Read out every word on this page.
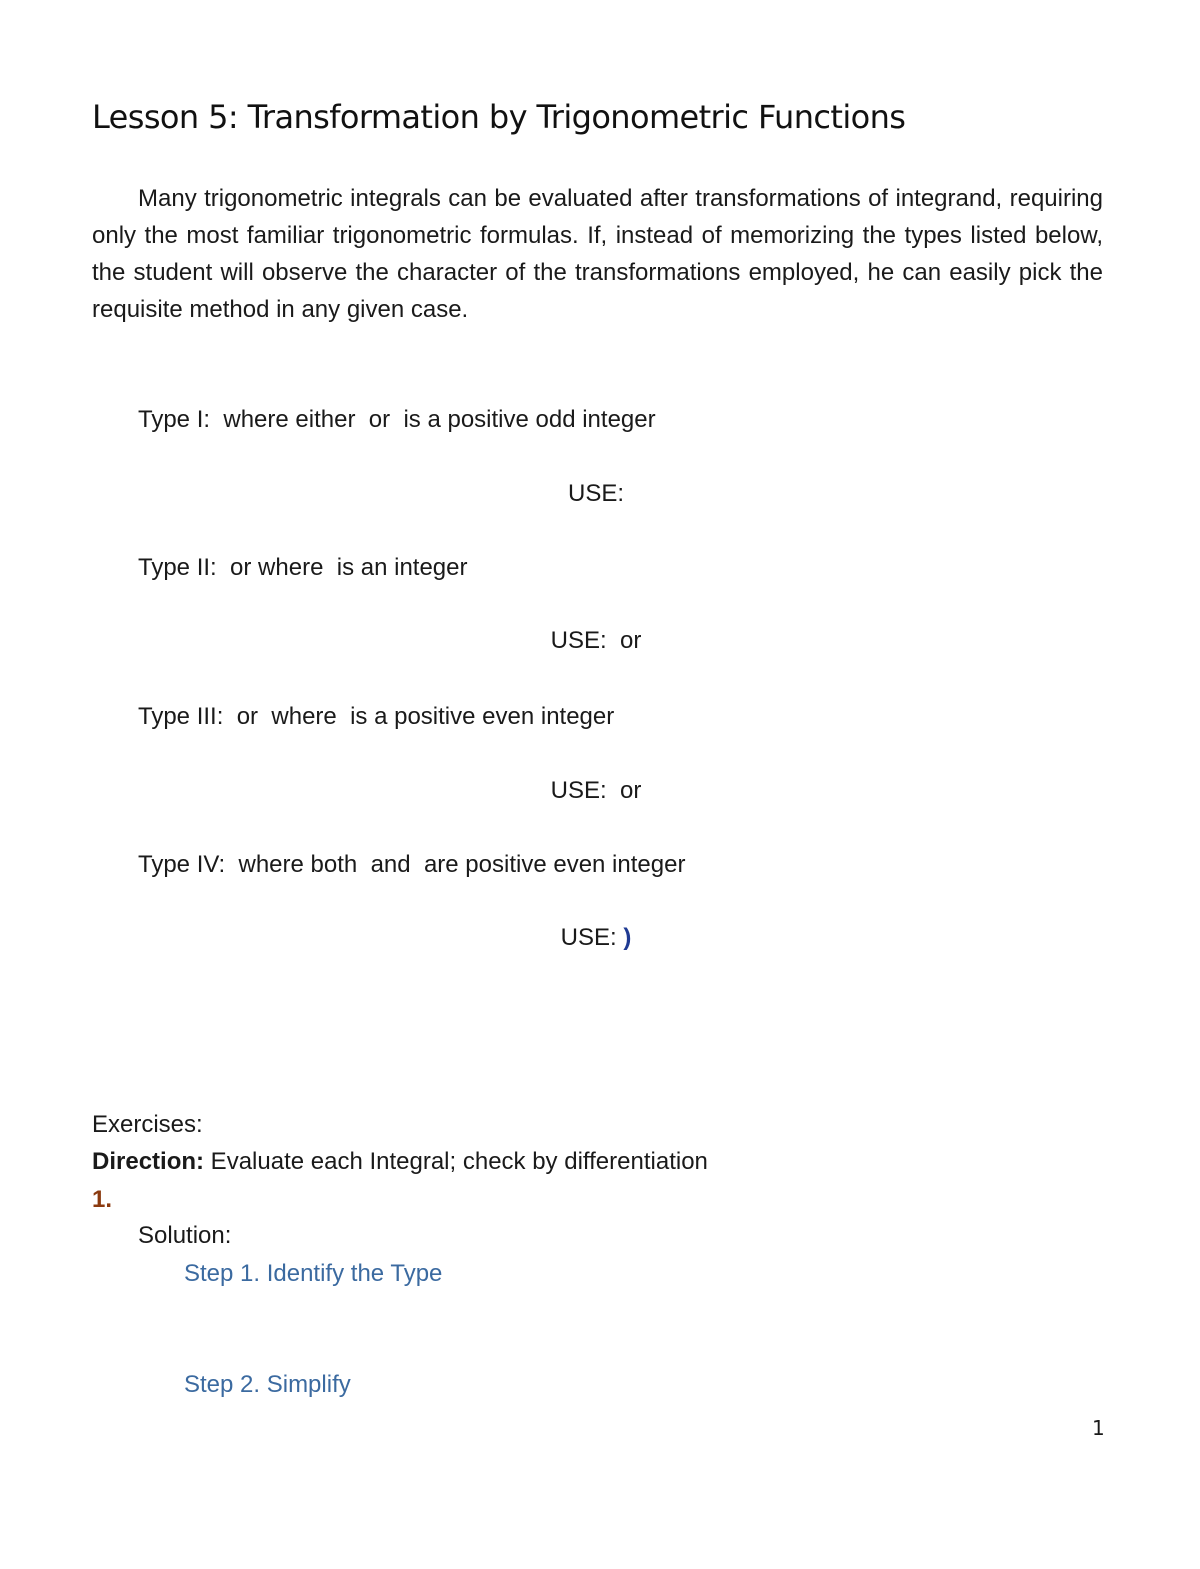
Lesson 5: Transformation by Trigonometric Functions

Many trigonometric integrals can be evaluated after transformations of integrand, requiring only the most familiar trigonometric formulas. If, instead of memorizing the types listed below, the student will observe the character of the transformations employed, he can easily pick the requisite method in any given case.

Type I:  where either  or  is a positive odd integer
USE:
Type II:  or where  is an integer
USE:  or
Type III:  or  where  is a positive even integer
USE:  or
Type IV:  where both  and  are positive even integer
USE: )
Exercises:
Direction: Evaluate each Integral; check by differentiation
1.
Solution:
Step 1. Identify the Type
Step 2. Simplify
1
